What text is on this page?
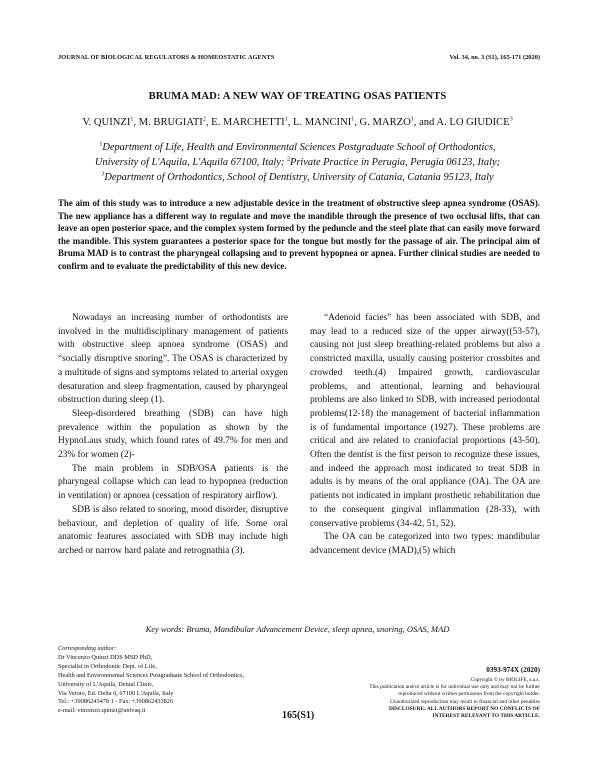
JOURNAL OF BIOLOGICAL REGULATORS & HOMEOSTATIC AGENTS	Vol. 34, no. 3 (S1), 165-171 (2020)
BRUMA MAD: A NEW WAY OF TREATING OSAS PATIENTS
V. QUINZI$^1$, M. BRUGIATI$^2$, E. MARCHETTI$^1$, L. MANCINI$^1$, G. MARZO$^1$, and A. LO GIUDICE$^3$
$^1$Department of Life, Health and Environmental Sciences Postgraduate School of Orthodontics,
University of L'Aquila, L'Aquila 67100, Italy; $^2$Private Practice in Perugia, Perugia 06123, Italy;
$^3$Department of Orthodontics, School of Dentistry, University of Catania, Catania 95123, Italy
The aim of this study was to introduce a new adjustable device in the treatment of obstructive sleep apnea syndrome (OSAS). The new appliance has a different way to regulate and move the mandible through the presence of two occlusal lifts, that can leave an open posterior space, and the complex system formed by the peduncle and the steel plate that can easily move forward the mandible. This system guarantees a posterior space for the tongue but mostly for the passage of air. The principal aim of Bruma MAD is to contrast the pharyngeal collapsing and to prevent hypopnea or apnea. Further clinical studies are needed to confirm and to evaluate the predictability of this new device.

Nowadays an increasing number of orthodontists are involved in the multidisciplinary management of patients with obstructive sleep apnoea syndrome (OSAS) and “socially disruptive snoring”. The OSAS is characterized by a multitude of signs and symptoms related to arterial oxygen desaturation and sleep fragmentation, caused by pharyngeal obstruction during sleep (1).

Sleep-disordered breathing (SDB) can have high prevalence within the population as shown by the HypnoLaus study, which found rates of 49.7% for men and 23% for women (2)-

The main problem in SDB/OSA patients is the pharyngeal collapse which can lead to hypopnea (reduction in ventilation) or apnoea (cessation of respiratory airflow).

SDB is also related to snoring, mood disorder, disruptive behaviour, and depletion of quality of life. Some oral anatomic features associated with SDB may include high arched or narrow hard palate and retrognathia (3).

“Adenoid facies” has been associated with SDB, and may lead to a reduced size of the upper airway((53-57), causing not just sleep breathing-related problems but also a constricted maxilla, usually causing posterior crossbites and crowded teeth.(4) Impaired growth, cardiovascular problems, and attentional, learning and behavioural problems are also linked to SDB, with increased periodontal problems(12-18) the management of bacterial inflammation is of fundamental importance (1927). These problems are critical and are related to craniofacial proportions (43-50). Often the dentist is the first person to recognize these issues, and indeed the approach most indicated to treat SDB in adults is by means of the oral appliance (OA). The OA are patients not indicated in implant prosthetic rehabilitation due to the consequent gingival inflammation (28-33), with conservative problems (34-42, 51, 52).

The OA can be categorized into two types: mandibular advancement device (MAD),(5) which

Key words: Bruma, Mandibular Advancement Device, sleep apnea, snoring, OSAS, MAD
Corresponding author:
Dr Vincenzo Quinzi DDS MSD PhD,
Specialist in Orthodontic Dept. of Life,
Health and Environmental Sciences Postgraduate School of Orthodontics,
University of L'Aquila, Dental Clinic,
Via Vetoio, Ed. Delta 6, 67100 L'Aquila, Italy
Tel.: +39086243478 1 - Fax: +390862433826
e-mail: vincenzo.quinzi@univaq.it	165(S1)
0393-974X (2020)
Copyright © by BIOLIFE, s.a.s.
This publication and/or article is for individual use only and may not be further
reproduced without written permission from the copyright holder.
Unauthorized reproduction may result in financial and other penalties
DISCLOSURE: ALL AUTHORS REPORT NO CONFLICTS OF
INTEREST RELEVANT TO THIS ARTICLE.
